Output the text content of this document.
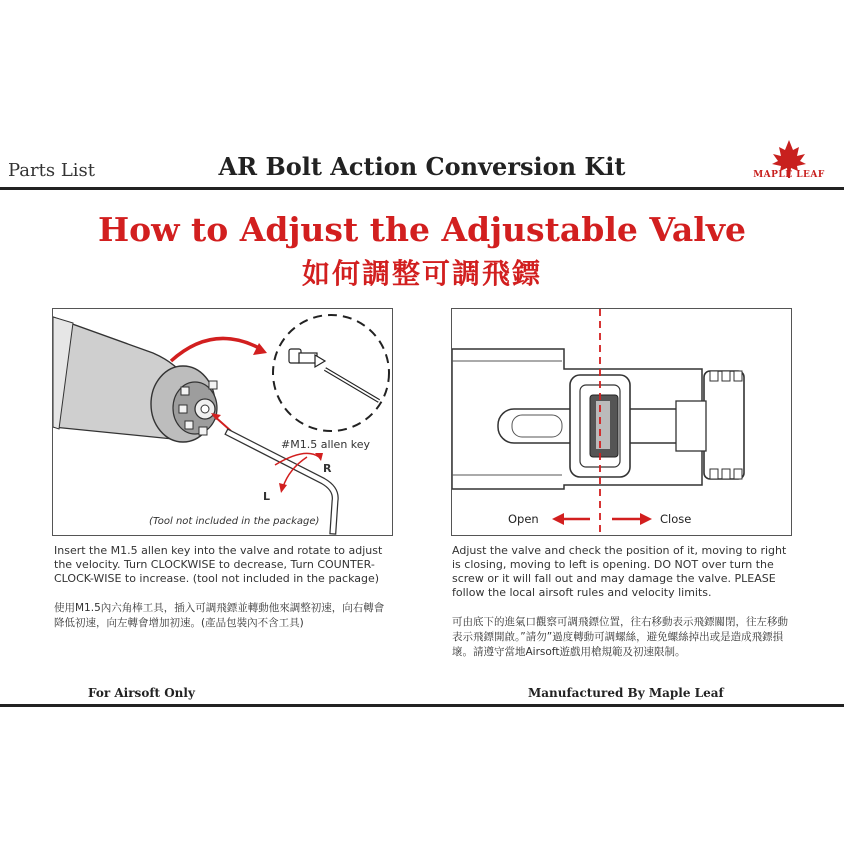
Parts List	AR Bolt Action Conversion Kit	MAPLE LEAF
How to Adjust the Adjustable Valve
如何調整可調飛鏢
#M1.5 allen key
R
L
(Tool not included in the package)	Open	Close
Insert the M1.5 allen key into the valve and rotate to adjust the velocity. Turn CLOCKWISE to decrease, Turn COUNTER-CLOCK-WISE to increase. (tool not included in the package)
使用M1.5內六角棒工具，插入可調飛鏢並轉動他來調整初速，向右轉會降低初速，向左轉會增加初速。(產品包裝內不含工具)
Adjust the valve and check the position of it, moving to right is closing, moving to left is opening. DO NOT over turn the screw or it will fall out and may damage the valve. PLEASE follow the local airsoft rules and velocity limits.
可由底下的進氣口觀察可調飛鏢位置，往右移動表示飛鏢關閉，往左移動表示飛鏢開啟。”請勿”過度轉動可調螺絲，避免螺絲掉出或是造成飛鏢損壞。請遵守當地Airsoft遊戲用槍規範及初速限制。
For Airsoft Only	Manufactured By Maple Leaf
